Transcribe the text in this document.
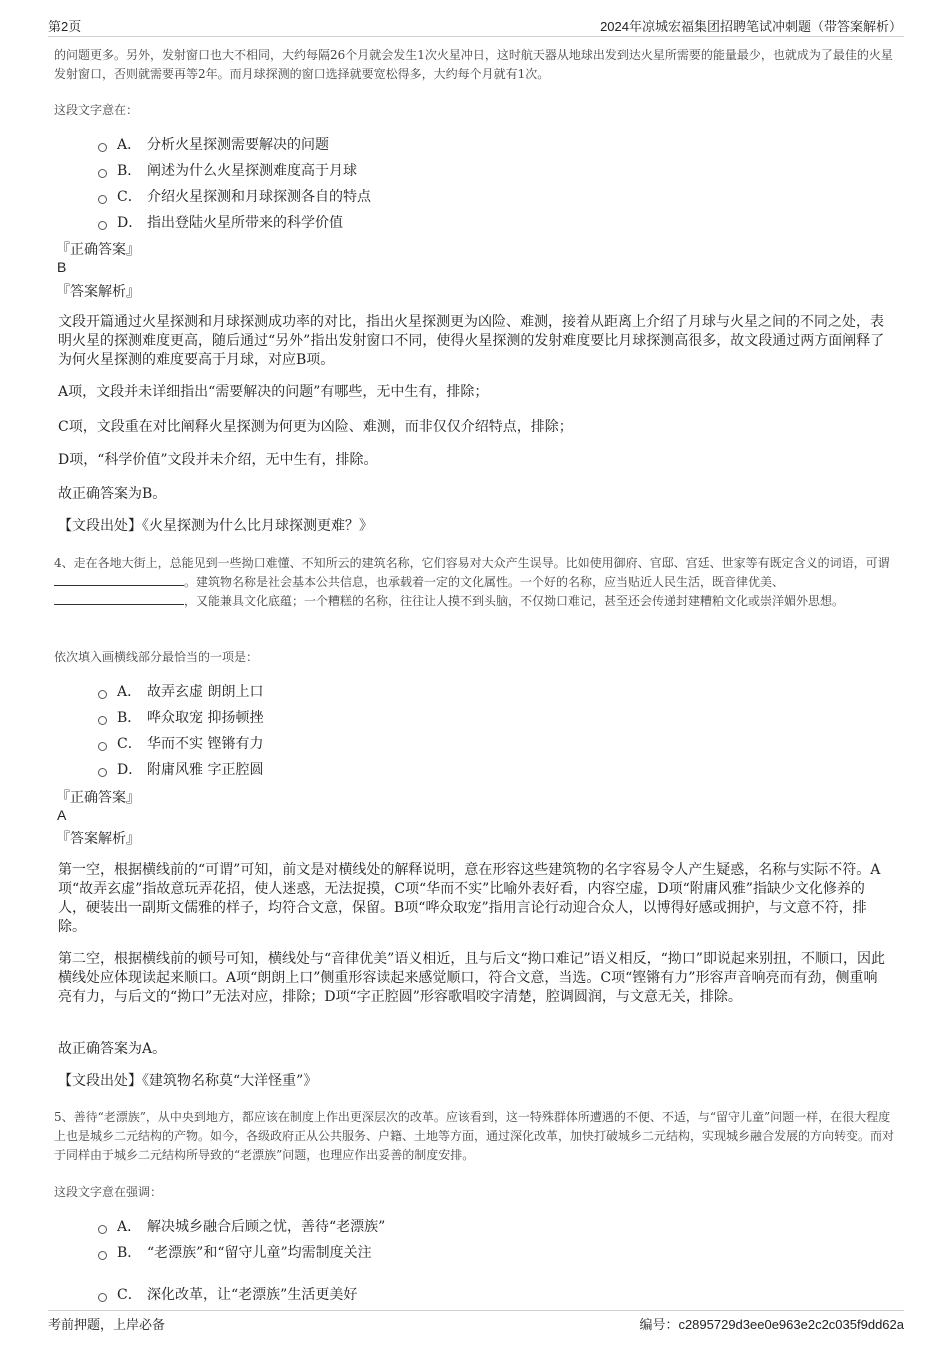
第2页	2024年凉城宏福集团招聘笔试冲刺题（带答案解析）
的问题更多。另外，发射窗口也大不相同，大约每隔26个月就会发生1次火星冲日，这时航天器从地球出发到达火星所需要的能量最少，也就成为了最佳的火星发射窗口，否则就需要再等2年。而月球探测的窗口选择就要宽松得多，大约每个月就有1次。
这段文字意在：
A． 分析火星探测需要解决的问题
B． 阐述为什么火星探测难度高于月球
C． 介绍火星探测和月球探测各自的特点
D． 指出登陆火星所带来的科学价值
『正确答案』
B
『答案解析』
文段开篇通过火星探测和月球探测成功率的对比，指出火星探测更为凶险、难测，接着从距离上介绍了月球与火星之间的不同之处，表明火星的探测难度更高，随后通过“另外”指出发射窗口不同，使得火星探测的发射难度要比月球探测高很多，故文段通过两方面阐释了为何火星探测的难度要高于月球，对应B项。
A项，文段并未详细指出“需要解决的问题”有哪些，无中生有，排除；
C项，文段重在对比阐释火星探测为何更为凶险、难测，而非仅仅介绍特点，排除；
D项，“科学价值”文段并未介绍，无中生有，排除。
故正确答案为B。
【文段出处】《火星探测为什么比月球探测更难？》
4、走在各地大街上，总能见到一些拗口难懂、不知所云的建筑名称，它们容易对大众产生误导。比如使用御府、官邸、宫廷、世家等有既定含义的词语，可谓。建筑物名称是社会基本公共信息，也承载着一定的文化属性。一个好的名称，应当贴近人民生活，既音律优美、，又能兼具文化底蕴；一个糟糕的名称，往往让人摸不到头脑，不仅拗口难记，甚至还会传递封建糟粕文化或崇洋媚外思想。
依次填入画横线部分最恰当的一项是：
A． 故弄玄虚 朗朗上口
B． 哗众取宠 抑扬顿挫
C． 华而不实 铿锵有力
D． 附庸风雅 字正腔圆
『正确答案』
A
『答案解析』
第一空，根据横线前的“可谓”可知，前文是对横线处的解释说明，意在形容这些建筑物的名字容易令人产生疑惑，名称与实际不符。A项“故弄玄虚”指故意玩弄花招，使人迷惑，无法捉摸，C项“华而不实”比喻外表好看，内容空虚，D项“附庸风雅”指缺少文化修养的人，硬装出一副斯文儒雅的样子，均符合文意，保留。B项“哗众取宠”指用言论行动迎合众人，以博得好感或拥护，与文意不符，排除。
第二空，根据横线前的顿号可知，横线处与“音律优美”语义相近，且与后文“拗口难记”语义相反，“拗口”即说起来别扭，不顺口，因此横线处应体现读起来顺口。A项“朗朗上口”侧重形容读起来感觉顺口，符合文意，当选。C项“铿锵有力”形容声音响亮而有劲，侧重响亮有力，与后文的“拗口”无法对应，排除；D项“字正腔圆”形容歌唱咬字清楚，腔调圆润，与文意无关，排除。
故正确答案为A。
【文段出处】《建筑物名称莫“大洋怪重”》
5、善待“老漂族”，从中央到地方，都应该在制度上作出更深层次的改革。应该看到，这一特殊群体所遭遇的不便、不适，与“留守儿童”问题一样，在很大程度上也是城乡二元结构的产物。如今，各级政府正从公共服务、户籍、土地等方面，通过深化改革，加快打破城乡二元结构，实现城乡融合发展的方向转变。而对于同样由于城乡二元结构所导致的“老漂族”问题，也理应作出妥善的制度安排。
这段文字意在强调：
A． 解决城乡融合后顾之忧，善待“老漂族”
B． “老漂族”和“留守儿童”均需制度关注
C． 深化改革，让“老漂族”生活更美好
考前押题，上岸必备	编号：c2895729d3ee0e963e2c2c035f9dd62a
